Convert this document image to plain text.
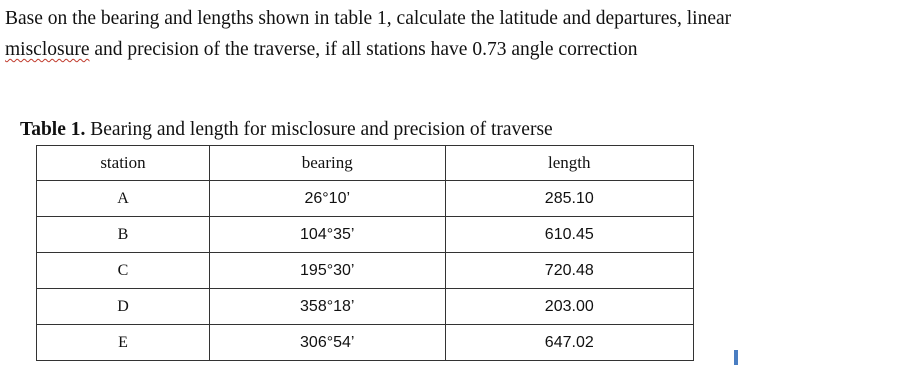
Base on the bearing and lengths shown in table 1, calculate the latitude and departures, linear
misclosure and precision of the traverse, if all stations have 0.73 angle correction
Table 1. Bearing and length for misclosure and precision of traverse
station	bearing	length
A	26°10’	285.10
B	104°35’	610.45
C	195°30’	720.48
D	358°18’	203.00
E	306°54’	647.02
